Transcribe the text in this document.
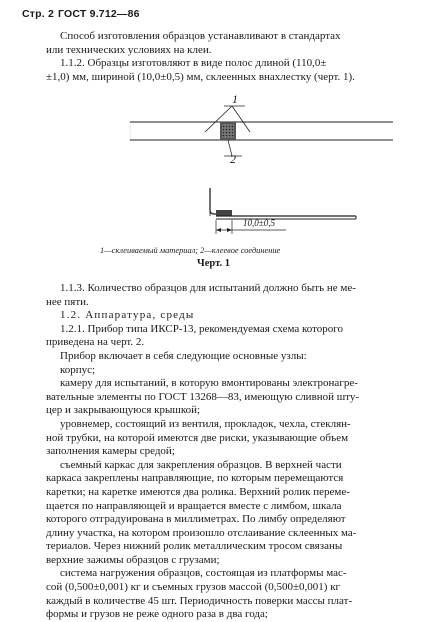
Стр. 2 ГОСТ 9.712—86

Способ изготовления образцов устанавливают в стандартах

или технических условиях на клеи.

1.1.2. Образцы изготовляют в виде полос длиной (110,0±

±1,0) мм, шириной (10,0±0,5) мм, склеенных внахлестку (черт. 1).

1
2
10,0±0,5
1—склеиваемый материал; 2—клеевое соединение
Черт. 1

1.1.3. Количество образцов для испытаний должно быть не ме-

нее пяти.

1.2. Аппаратура, среды

1.2.1. Прибор типа ИКСР-13, рекомендуемая схема которого

приведена на черт. 2.

Прибор включает в себя следующие основные узлы:

корпус;

камеру для испытаний, в которую вмонтированы электронагре-

вательные элементы по ГОСТ 13268—83, имеющую сливной шту-

цер и закрывающуюся крышкой;

уровнемер, состоящий из вентиля, прокладок, чехла, стеклян-

ной трубки, на которой имеются две риски, указывающие объем

заполнения камеры средой;

съемный каркас для закрепления образцов. В верхней части

каркаса закреплены направляющие, по которым перемещаются

каретки; на каретке имеются два ролика. Верхний ролик переме-

щается по направляющей и вращается вместе с лимбом, шкала

которого отградуирована в миллиметрах. По лимбу определяют

длину участка, на котором произошло отслаивание склеенных ма-

териалов. Через нижний ролик металлическим тросом связаны

верхние зажимы образцов с грузами;

система нагружения образцов, состоящая из платформы мас-

сой (0,500±0,001) кг и съемных грузов массой (0,500±0,001) кг

каждый в количестве 45 шт. Периодичность поверки массы плат-

формы и грузов не реже одного раза в два года;
